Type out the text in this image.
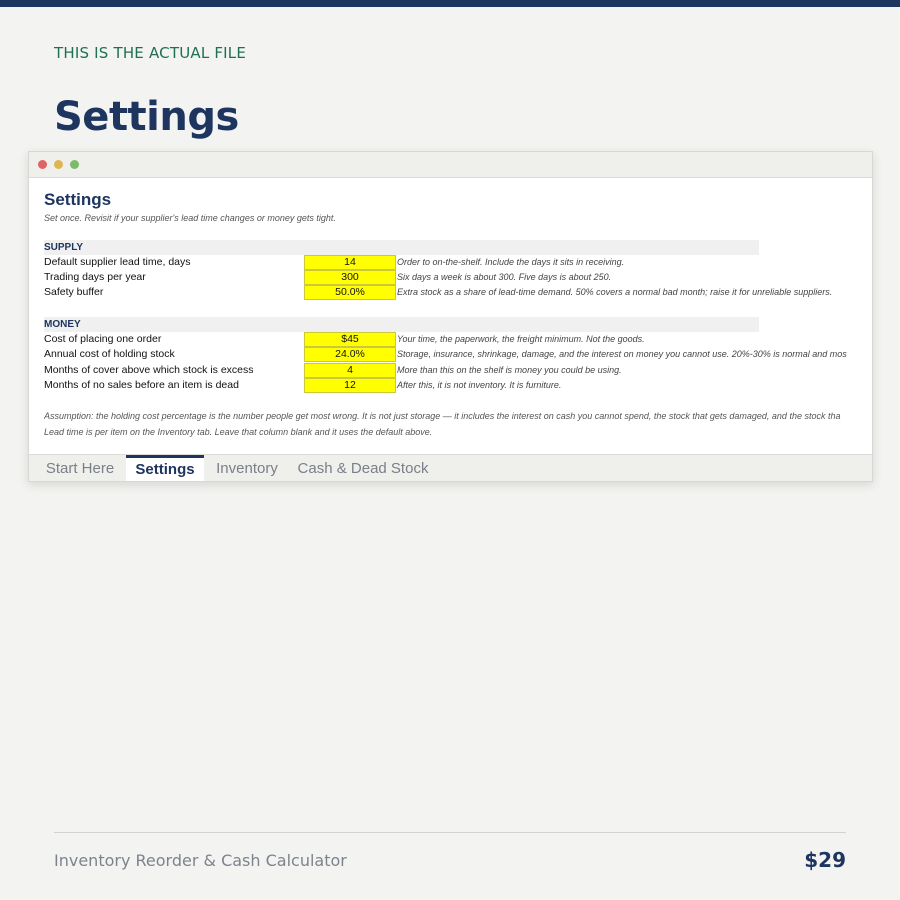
THIS IS THE ACTUAL FILE
Settings
Settings
Set once. Revisit if your supplier's lead time changes or money gets tight.
SUPPLY
Default supplier lead time, days	14	Order to on-the-shelf. Include the days it sits in receiving.
Trading days per year	300	Six days a week is about 300. Five days is about 250.
Safety buffer	50.0%	Extra stock as a share of lead-time demand. 50% covers a normal bad month; raise it for unreliable suppliers.
MONEY
Cost of placing one order	$45	Your time, the paperwork, the freight minimum. Not the goods.
Annual cost of holding stock	24.0%	Storage, insurance, shrinkage, damage, and the interest on money you cannot use. 20%-30% is normal and mos
Months of cover above which stock is excess	4	More than this on the shelf is money you could be using.
Months of no sales before an item is dead	12	After this, it is not inventory. It is furniture.
Assumption: the holding cost percentage is the number people get most wrong. It is not just storage — it includes the interest on cash you cannot spend, the stock that gets damaged, and the stock tha
Lead time is per item on the Inventory tab. Leave that column blank and it uses the default above.
Start Here	Settings	Inventory	Cash & Dead Stock
Inventory Reorder & Cash Calculator	$29
